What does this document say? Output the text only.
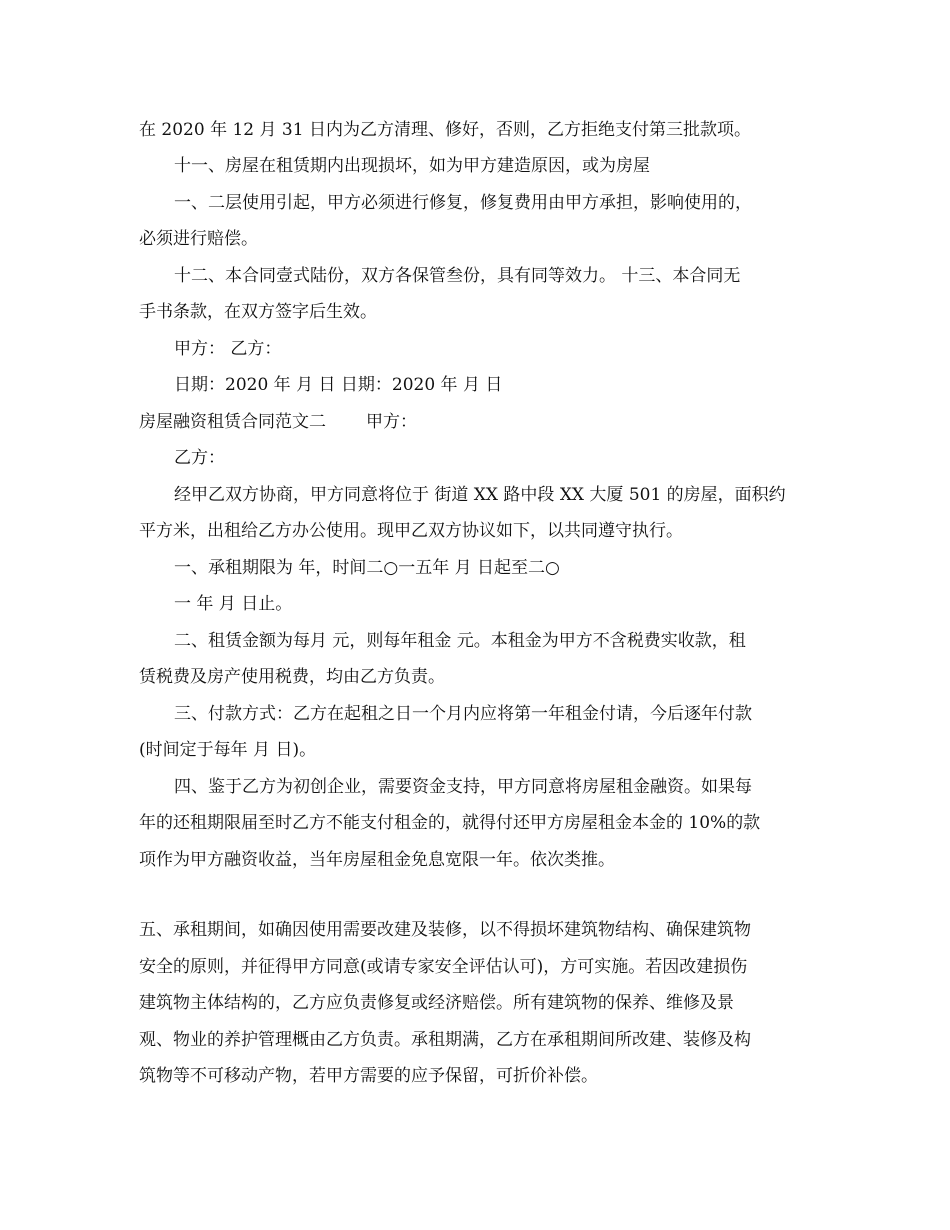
在 2020 年 12 月 31 日内为乙方清理、修好，否则，乙方拒绝支付第三批款项。
十一、房屋在租赁期内出现损坏，如为甲方建造原因，或为房屋
一、二层使用引起，甲方必须进行修复，修复费用由甲方承担，影响使用的，
必须进行赔偿。
十二、本合同壹式陆份，双方各保管叁份，具有同等效力。 十三、本合同无
手书条款，在双方签字后生效。
甲方： 乙方：
日期：2020 年 月 日 日期：2020 年 月 日
房屋融资租赁合同范文二 甲方：
乙方：
经甲乙双方协商，甲方同意将位于 街道 XX 路中段 XX 大厦 501 的房屋，面积约
平方米，出租给乙方办公使用。现甲乙双方协议如下，以共同遵守执行。
一、承租期限为 年，时间二○一五年 月 日起至二○
一 年 月 日止。
二、租赁金额为每月 元，则每年租金 元。本租金为甲方不含税费实收款，租
赁税费及房产使用税费，均由乙方负责。
三、付款方式：乙方在起租之日一个月内应将第一年租金付请，今后逐年付款
(时间定于每年 月 日)。
四、鉴于乙方为初创企业，需要资金支持，甲方同意将房屋租金融资。如果每
年的还租期限届至时乙方不能支付租金的，就得付还甲方房屋租金本金的 10%的款
项作为甲方融资收益，当年房屋租金免息宽限一年。依次类推。
五、承租期间，如确因使用需要改建及装修，以不得损坏建筑物结构、确保建筑物
安全的原则，并征得甲方同意(或请专家安全评估认可)，方可实施。若因改建损伤
建筑物主体结构的，乙方应负责修复或经济赔偿。所有建筑物的保养、维修及景
观、物业的养护管理概由乙方负责。承租期满，乙方在承租期间所改建、装修及构
筑物等不可移动产物，若甲方需要的应予保留，可折价补偿。
